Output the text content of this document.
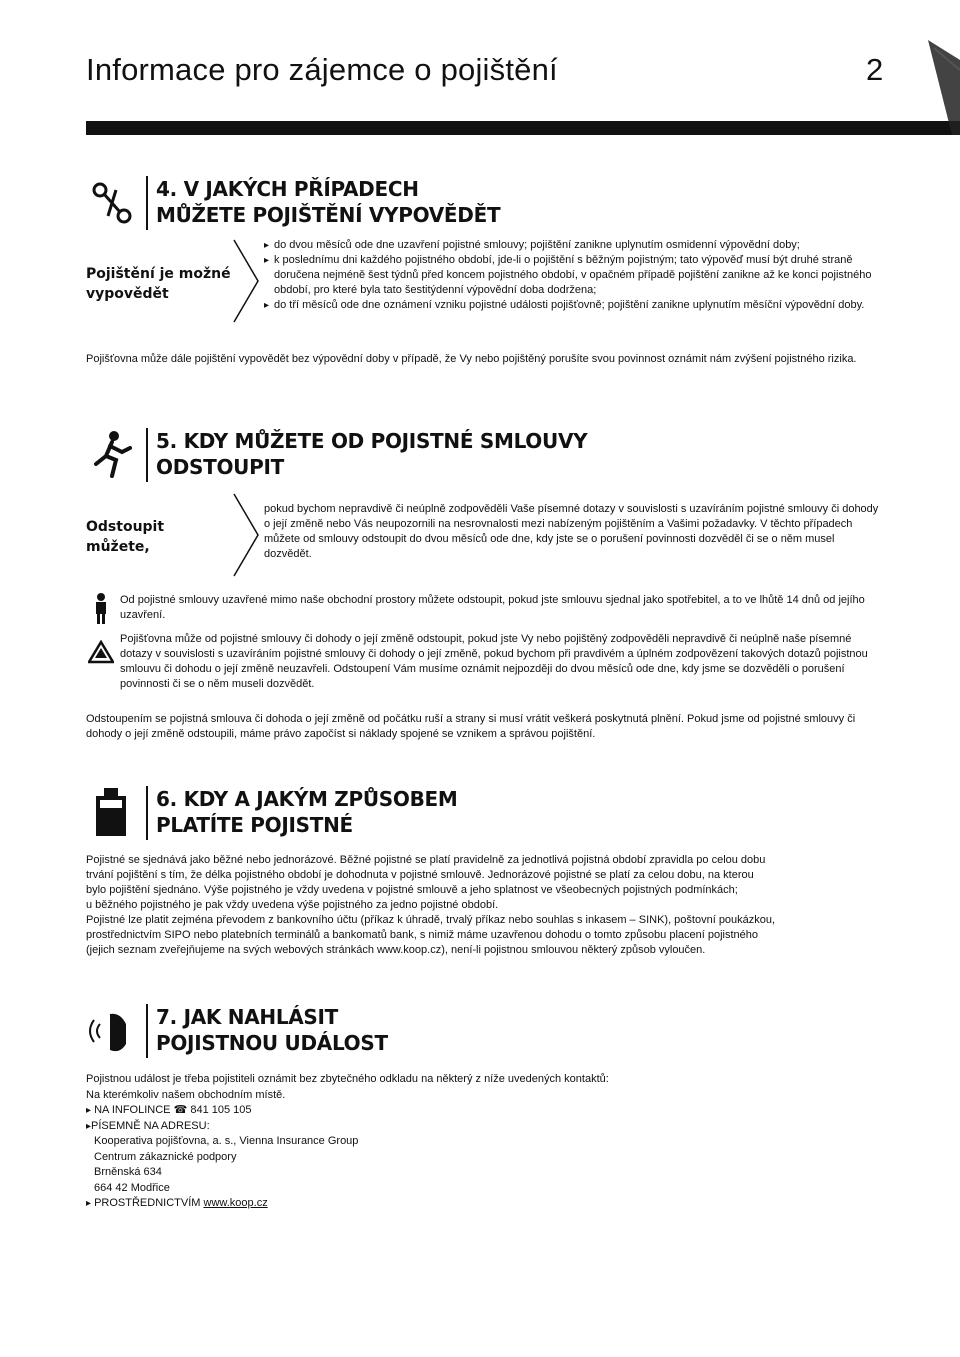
Informace pro zájemce o pojištění	2
4. V JAKÝCH PŘÍPADECH
MŮŽETE POJIŠTĚNÍ VYPOVĚDĚT
Pojištění je možné
vypovědět
▸ do dvou měsíců ode dne uzavření pojistné smlouvy; pojištění zanikne uplynutím osmidenní výpovědní doby;
▸ k poslednímu dni každého pojistného období, jde-li o pojištění s běžným pojistným; tato výpověď musí být druhé straně doručena nejméně šest týdnů před koncem pojistného období, v opačném případě pojištění zanikne až ke konci pojistného období, pro které byla tato šestitýdenní výpovědní doba dodržena;
▸ do tří měsíců ode dne oznámení vzniku pojistné události pojišťovně; pojištění zanikne uplynutím měsíční výpovědní doby.

Pojišťovna může dále pojištění vypovědět bez výpovědní doby v případě, že Vy nebo pojištěný porušíte svou povinnost oznámit nám zvýšení pojistného rizika.

5. KDY MŮŽETE OD POJISTNÉ SMLOUVY
ODSTOUPIT
Odstoupit
můžete,

pokud bychom nepravdivě či neúplně zodpověděli Vaše písemné dotazy v souvislosti s uzavíráním pojistné smlouvy či dohody o její změně nebo Vás neupozornili na nesrovnalosti mezi nabízeným pojištěním a Vašimi požadavky. V těchto případech můžete od smlouvy odstoupit do dvou měsíců ode dne, kdy jste se o porušení povinnosti dozvěděl či se o něm musel dozvědět.

Od pojistné smlouvy uzavřené mimo naše obchodní prostory můžete odstoupit, pokud jste smlouvu sjednal jako spotřebitel, a to ve lhůtě 14 dnů od jejího uzavření.

Pojišťovna může od pojistné smlouvy či dohody o její změně odstoupit, pokud jste Vy nebo pojištěný zodpověděli nepravdivě či neúplně naše písemné dotazy v souvislosti s uzavíráním pojistné smlouvy či dohody o její změně, pokud bychom při pravdivém a úplném zodpovězení takových dotazů pojistnou smlouvu či dohodu o její změně neuzavřeli. Odstoupení Vám musíme oznámit nejpozději do dvou měsíců ode dne, kdy jsme se dozvěděli o porušení povinnosti či se o něm museli dozvědět.

Odstoupením se pojistná smlouva či dohoda o její změně od počátku ruší a strany si musí vrátit veškerá poskytnutá plnění. Pokud jsme od pojistné smlouvy či dohody o její změně odstoupili, máme právo započíst si náklady spojené se vznikem a správou pojištění.

6. KDY A JAKÝM ZPŮSOBEM
PLATÍTE POJISTNÉ
Pojistné se sjednává jako běžné nebo jednorázové. Běžné pojistné se platí pravidelně za jednotlivá pojistná období zpravidla po celou dobu
trvání pojištění s tím, že délka pojistného období je dohodnuta v pojistné smlouvě. Jednorázové pojistné se platí za celou dobu, na kterou
bylo pojištění sjednáno. Výše pojistného je vždy uvedena v pojistné smlouvě a jeho splatnost ve všeobecných pojistných podmínkách;
u běžného pojistného je pak vždy uvedena výše pojistného za jedno pojistné období.
Pojistné lze platit zejména převodem z bankovního účtu (příkaz k úhradě, trvalý příkaz nebo souhlas s inkasem – SINK), poštovní poukázkou,
prostřednictvím SIPO nebo platebních terminálů a bankomatů bank, s nimiž máme uzavřenou dohodu o tomto způsobu placení pojistného
(jejich seznam zveřejňujeme na svých webových stránkách www.koop.cz), není-li pojistnou smlouvou některý způsob vyloučen.
7. JAK NAHLÁSIT
POJISTNOU UDÁLOST
Pojistnou událost je třeba pojistiteli oznámit bez zbytečného odkladu na některý z níže uvedených kontaktů:
Na kterémkoliv našem obchodním místě.
▸ NA INFOLINCE ☎ 841 105 105
▸ PÍSEMNĚ NA ADRESU:
Kooperativa pojišťovna, a. s., Vienna Insurance Group
Centrum zákaznické podpory
Brněnská 634
664 42 Modřice
▸ PROSTŘEDNICTVÍM www.koop.cz
